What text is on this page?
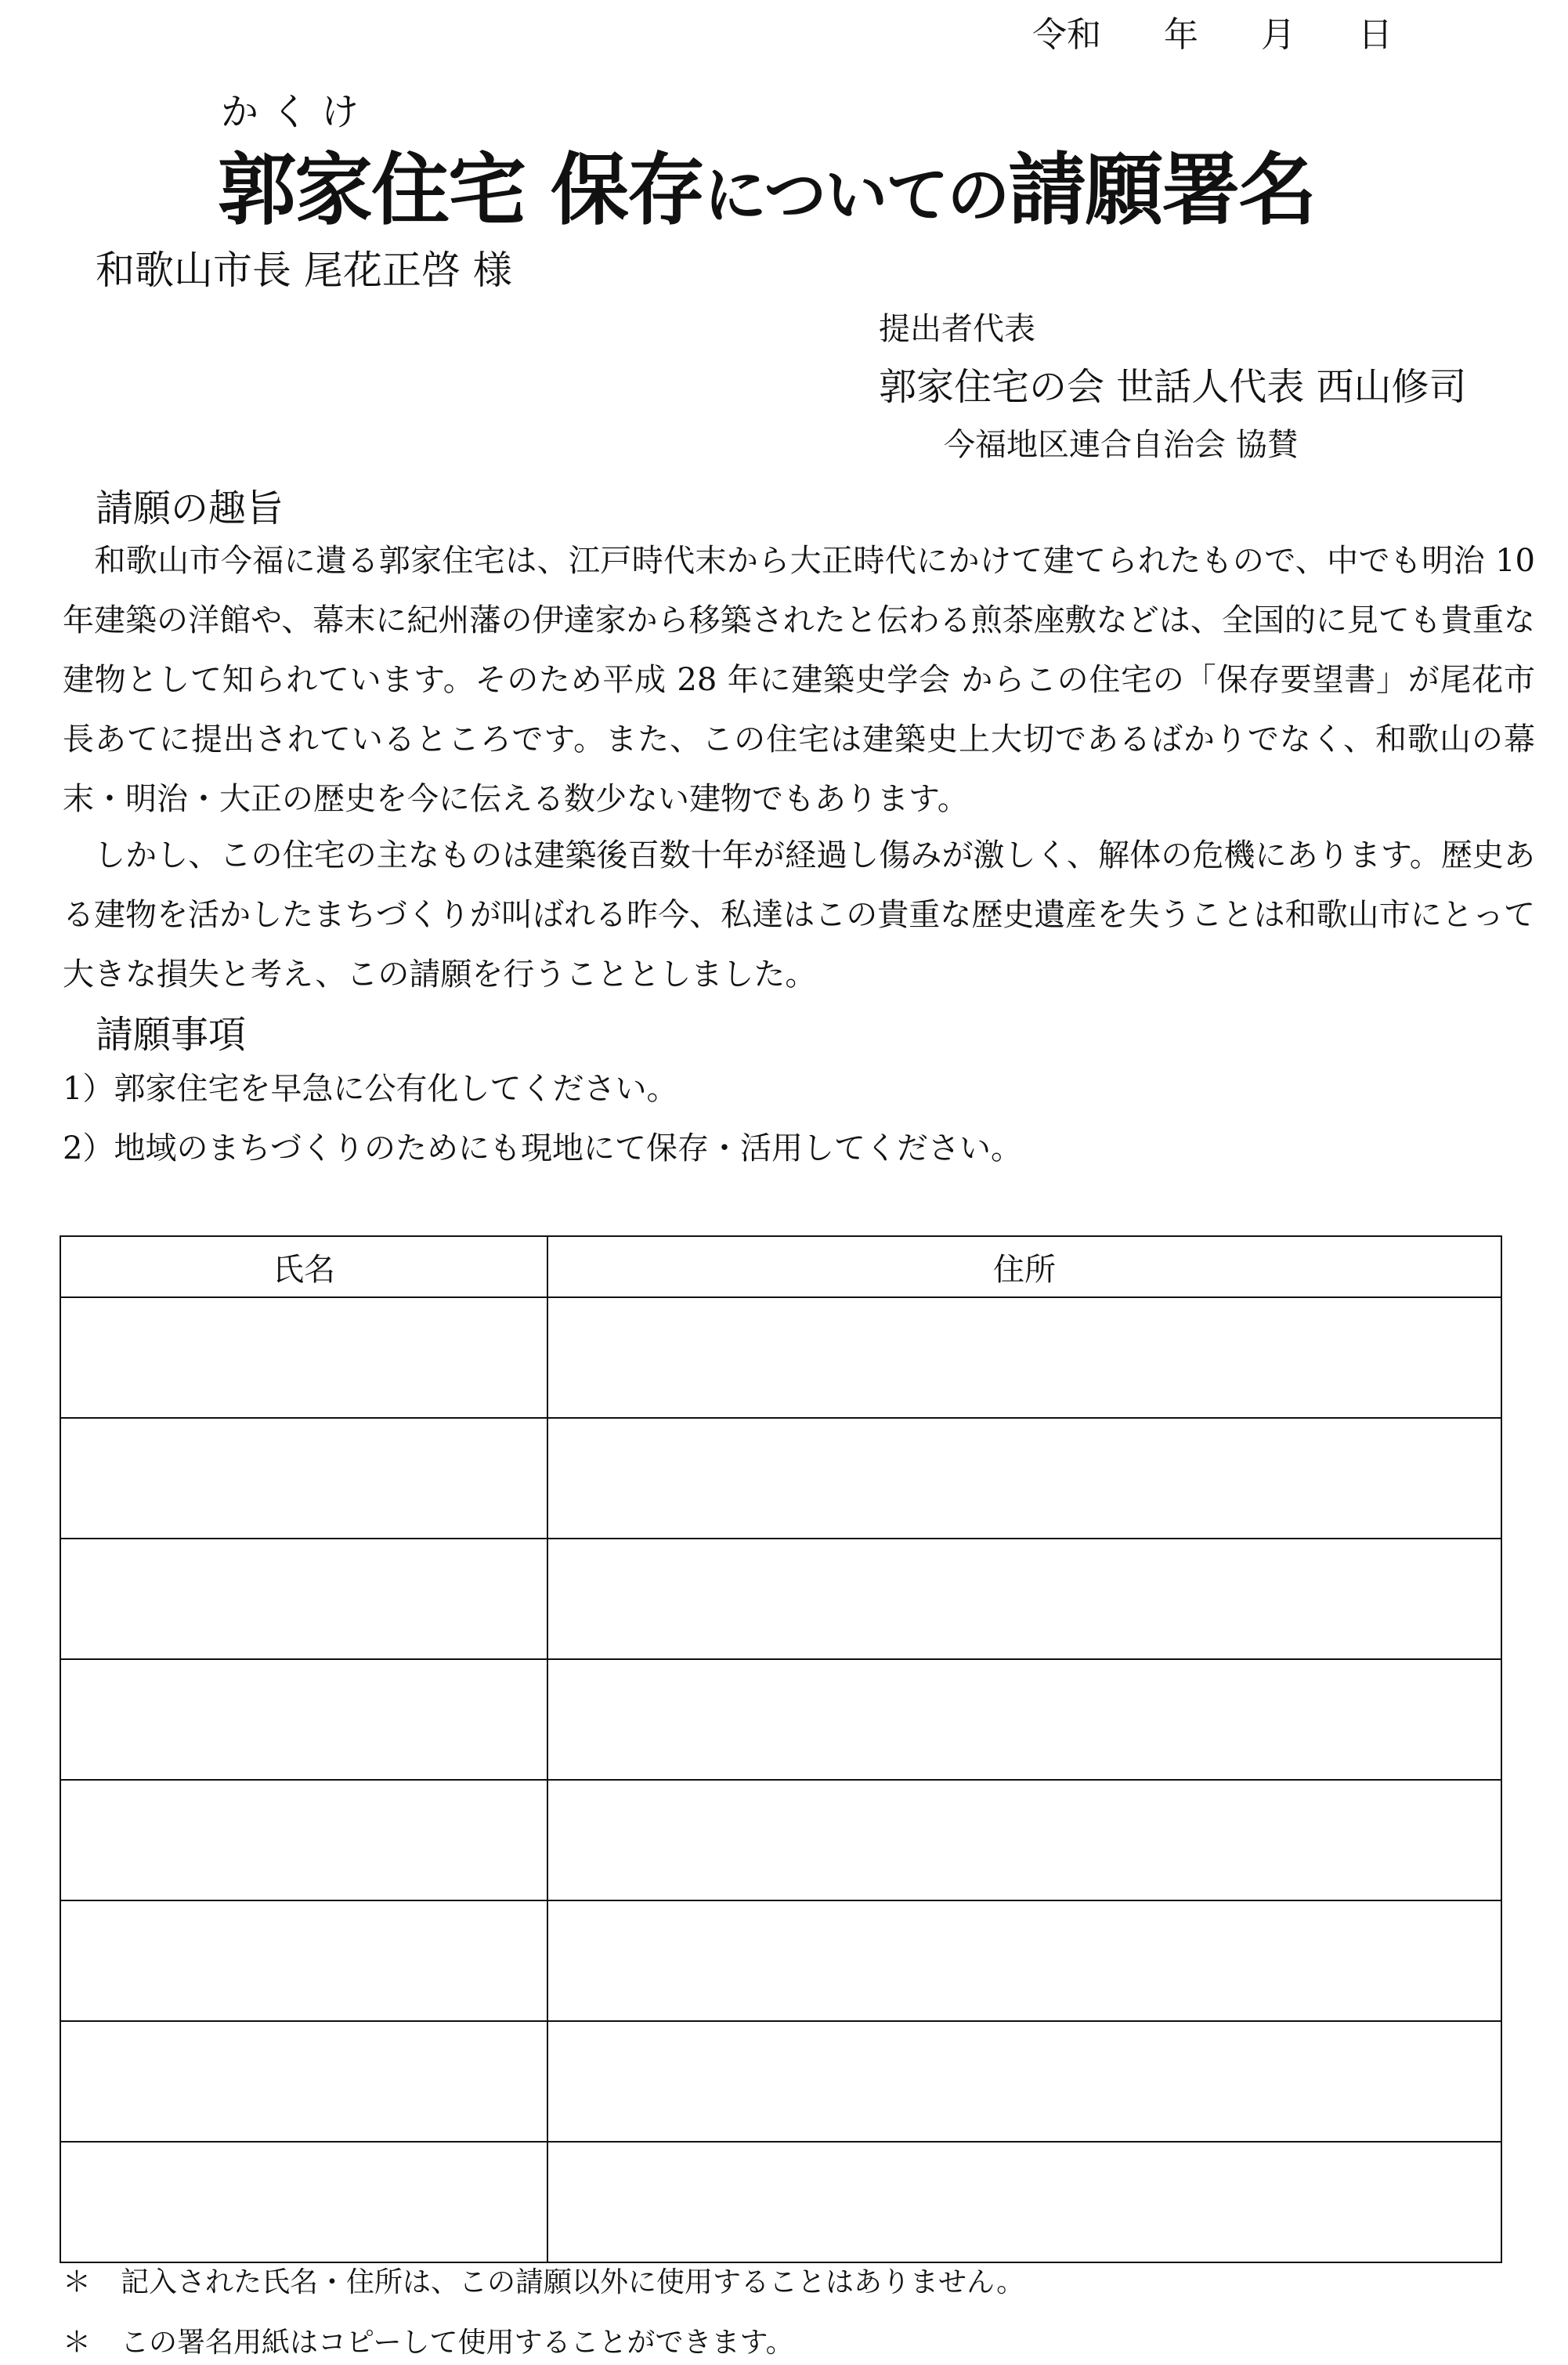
令和 年 月 日
かくけ
郭家住宅 保存についての請願署名
和歌山市長 尾花正啓 様
提出者代表
郭家住宅の会 世話人代表 西山修司
今福地区連合自治会 協賛
請願の趣旨
　和歌山市今福に遺る郭家住宅は、江戸時代末から大正時代にかけて建てられたもので、中でも明治 10 年建築の洋館や、幕末に紀州藩の伊達家から移築されたと伝わる煎茶座敷などは、全国的に見ても貴重な建物として知られています。そのため平成 28 年に建築史学会 からこの住宅の「保存要望書」が尾花市長あてに提出されているところです。また、この住宅は建築史上大切であるばかりでなく、和歌山の幕末・明治・大正の歴史を今に伝える数少ない建物でもあります。
　しかし、この住宅の主なものは建築後百数十年が経過し傷みが激しく、解体の危機にあります。歴史ある建物を活かしたまちづくりが叫ばれる昨今、私達はこの貴重な歴史遺産を失うことは和歌山市にとって大きな損失と考え、この請願を行うこととしました。
請願事項
1）郭家住宅を早急に公有化してください。
2）地域のまちづくりのためにも現地にて保存・活用してください。
氏名	住所

＊ 記入された氏名・住所は、この請願以外に使用することはありません。
＊ この署名用紙はコピーして使用することができます。
